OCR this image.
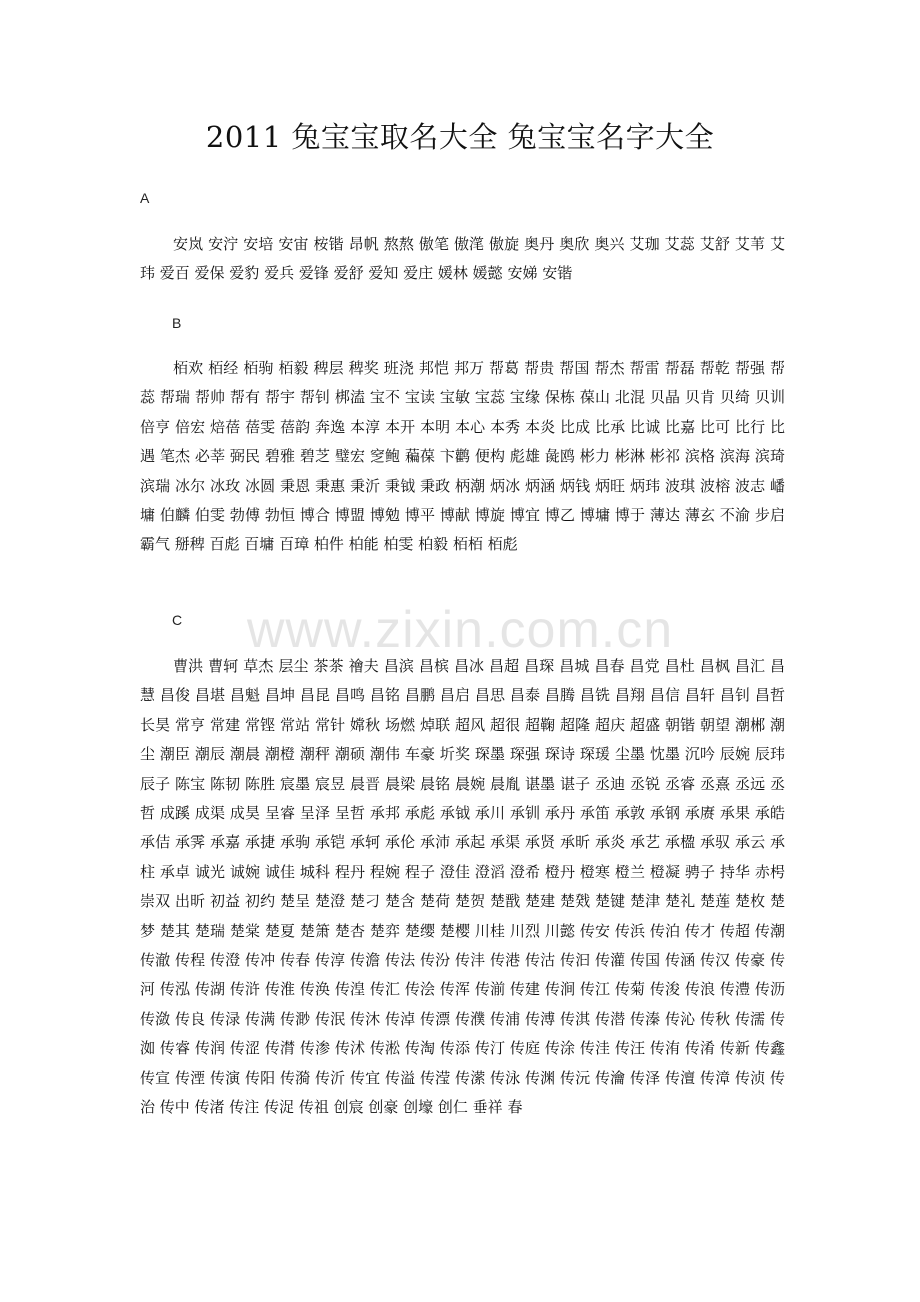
www.zixin.com.cn
2011 兔宝宝取名大全 兔宝宝名字大全
A
安岚 安泞 安培 安宙 桉锴 昂帆 熬熬 傲笔 傲滗 傲旋 奥丹 奥欣 奥兴 艾珈 艾蕊 艾舒 艾苇 艾玮 爱百 爱保 爱豹 爱兵 爱锋 爱舒 爱知 爱庄 媛林 媛懿 安娣 安锴
B
栢欢 栢经 栢驹 栢毅 稗层 稗奖 班浇 邦恺 邦万 帮葛 帮贵 帮国 帮杰 帮雷 帮磊 帮乾 帮强 帮蕊 帮瑞 帮帅 帮有 帮宇 帮钊 梆溘 宝不 宝读 宝敏 宝蕊 宝缘 保栋 葆山 北混 贝晶 贝肯 贝绮 贝训 倍亨 倍宏 焙蓓 蓓雯 蓓韵 奔逸 本淳 本开 本明 本心 本秀 本炎 比成 比承 比诚 比嘉 比可 比行 比遇 笔杰 必莘 弼民 碧雅 碧芝 璧宏 窆鲍 藊葆 卞鹳 便构 彪雄 彘鸥 彬力 彬淋 彬祁 滨格 滨海 滨琦 滨瑞 冰尔 冰玫 冰圆 秉恩 秉惠 秉沂 秉钺 秉政 柄潮 炳冰 炳涵 炳钱 炳旺 炳玮 波琪 波榕 波志 嶓墉 伯麟 伯雯 勃傅 勃恒 博合 博盟 博勉 博平 博献 博旋 博宜 博乙 博墉 博于 薄达 薄玄 不渝 步启 霸气 掰稗 百彪 百墉 百璋 柏件 柏能 柏雯 柏毅 栢栢 栢彪
C
曹洪 曹轲 草杰 层尘 茶茶 禬夫 昌滨 昌槟 昌冰 昌超 昌琛 昌城 昌春 昌党 昌杜 昌枫 昌汇 昌慧 昌俊 昌堪 昌魁 昌坤 昌昆 昌鸣 昌铭 昌鹏 昌启 昌思 昌泰 昌腾 昌铣 昌翔 昌信 昌轩 昌钊 昌哲 长昊 常亨 常建 常铿 常站 常针 嫦秋 场燃 焯联 超风 超很 超鞠 超隆 超庆 超盛 朝锴 朝望 潮郴 潮尘 潮臣 潮辰 潮晨 潮橙 潮秤 潮硕 潮伟 车豪 圻奖 琛墨 琛强 琛诗 琛瑗 尘墨 忱墨 沉吟 辰婉 辰玮 辰子 陈宝 陈韧 陈胜 宸墨 宸昱 晨晋 晨梁 晨铭 晨婉 晨胤 谌墨 谌子 丞迪 丞锐 丞睿 丞熹 丞远 丞哲 成蹊 成渠 成昊 呈睿 呈泽 呈哲 承邦 承彪 承钺 承川 承钏 承丹 承笛 承敦 承钢 承赓 承果 承皓 承佶 承霁 承嘉 承捷 承驹 承铠 承轲 承伦 承沛 承起 承渠 承贤 承昕 承炎 承艺 承楹 承驭 承云 承柱 承卓 诚光 诚婉 诚佳 城科 程丹 程婉 程子 澄佳 澄滔 澄希 橙丹 橙寒 橙兰 橙凝 骋子 持华 赤枵 崇双 出昕 初益 初约 楚呈 楚澄 楚刁 楚含 楚荷 楚贺 楚戬 楚建 楚戣 楚键 楚津 楚礼 楚莲 楚枚 楚梦 楚其 楚瑞 楚棠 楚夏 楚箫 楚杏 楚弈 楚缨 楚樱 川桂 川烈 川懿 传安 传浜 传泊 传才 传超 传潮 传澈 传程 传澄 传冲 传春 传淳 传澹 传法 传汾 传沣 传港 传沽 传汩 传灌 传国 传涵 传汉 传豪 传河 传泓 传湖 传浒 传淮 传涣 传湟 传汇 传浍 传浑 传湔 传建 传涧 传江 传菊 传浚 传浪 传澧 传沥 传潋 传良 传渌 传满 传渺 传泯 传沐 传淖 传漂 传濮 传浦 传溥 传淇 传潜 传溱 传沁 传秋 传濡 传洳 传睿 传润 传涩 传潸 传渗 传沭 传淞 传淘 传添 传汀 传庭 传涂 传洼 传汪 传洧 传淆 传新 传鑫 传宣 传湮 传演 传阳 传漪 传沂 传宜 传溢 传滢 传潆 传泳 传渊 传沅 传瀹 传泽 传澶 传漳 传浈 传治 传中 传渚 传注 传浞 传祖 创宸 创豪 创壕 创仁 垂祥 春
